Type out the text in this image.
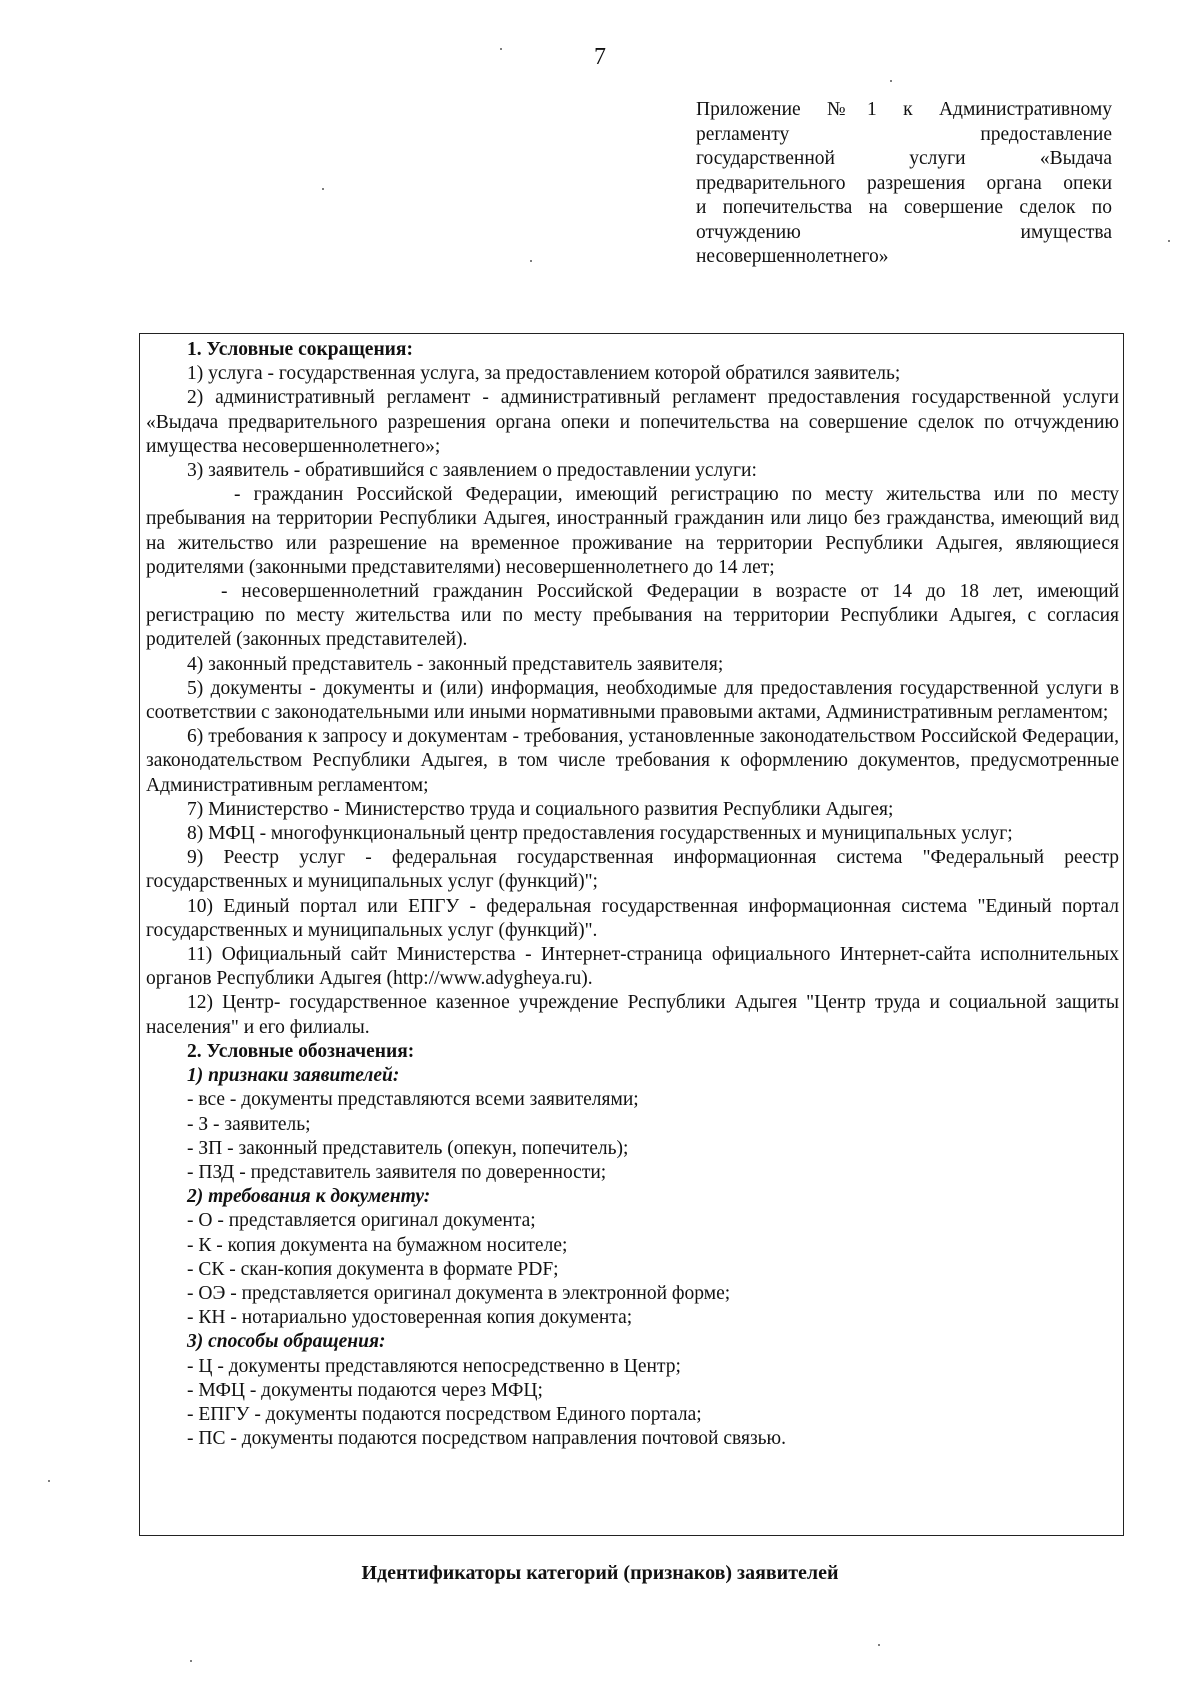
7
Приложение №1 к Административному
регламенту предоставление
государственной услуги «Выдача
предварительного разрешения органа опеки
и попечительства на совершение сделок по
отчуждению имущества
несовершеннолетнего»

1. Условные сокращения:

1) услуга - государственная услуга, за предоставлением которой обратился заявитель;

2) административный регламент - административный регламент предоставления государственной услуги «Выдача предварительного разрешения органа опеки и попечительства на совершение сделок по отчуждению имущества несовершеннолетнего»;

3) заявитель - обратившийся с заявлением о предоставлении услуги:

- гражданин Российской Федерации, имеющий регистрацию по месту жительства или по месту пребывания на территории Республики Адыгея, иностранный гражданин или лицо без гражданства, имеющий вид на жительство или разрешение на временное проживание на территории Республики Адыгея, являющиеся родителями (законными представителями) несовершеннолетнего до 14 лет;

- несовершеннолетний гражданин Российской Федерации в возрасте от 14 до 18 лет, имеющий регистрацию по месту жительства или по месту пребывания на территории Республики Адыгея, с согласия родителей (законных представителей).

4) законный представитель - законный представитель заявителя;

5) документы - документы и (или) информация, необходимые для предоставления государственной услуги в соответствии с законодательными или иными нормативными правовыми актами, Административным регламентом;

6) требования к запросу и документам - требования, установленные законодательством Российской Федерации, законодательством Республики Адыгея, в том числе требования к оформлению документов, предусмотренные Административным регламентом;

7) Министерство - Министерство труда и социального развития Республики Адыгея;

8) МФЦ - многофункциональный центр предоставления государственных и муниципальных услуг;

9) Реестр услуг - федеральная государственная информационная система "Федеральный реестр государственных и муниципальных услуг (функций)";

10) Единый портал или ЕПГУ - федеральная государственная информационная система "Единый портал государственных и муниципальных услуг (функций)".

11) Официальный сайт Министерства - Интернет-страница официального Интернет-сайта исполнительных органов Республики Адыгея (http://www.adygheya.ru).

12) Центр- государственное казенное учреждение Республики Адыгея "Центр труда и социальной защиты населения" и его филиалы.

2. Условные обозначения:

1) признаки заявителей:

- все - документы представляются всеми заявителями;

- З - заявитель;

- ЗП - законный представитель (опекун, попечитель);

- ПЗД - представитель заявителя по доверенности;

2) требования к документу:

- О - представляется оригинал документа;

- К - копия документа на бумажном носителе;

- СК - скан-копия документа в формате PDF;

- ОЭ - представляется оригинал документа в электронной форме;

- КН - нотариально удостоверенная копия документа;

3) способы обращения:

- Ц - документы представляются непосредственно в Центр;

- МФЦ - документы подаются через МФЦ;

- ЕПГУ - документы подаются посредством Единого портала;

- ПС - документы подаются посредством направления почтовой связью.

Идентификаторы категорий (признаков) заявителей
